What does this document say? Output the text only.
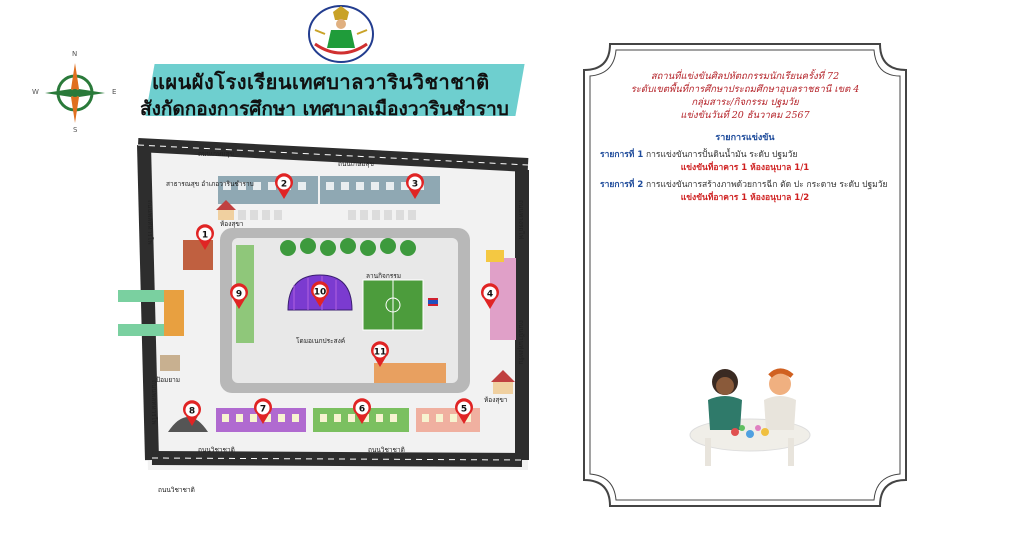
N
S
W	E แผนผังโรงเรียนเทศบาลวารินวิชาชาติ
สังกัดกองการศึกษา เทศบาลเมืองวารินชำราบ
โดมอเนกประสงค์
ลานกิจกรรม
ถนนเกษมสุข
ถนนเกษมสุข
ถนนวิชาชาติ
ถนนวิชาชาติ	ถนนวิชาชาติ
ถนนพลทหารโพ
ถนนพลทหารโพ
ถนนทางรถไฟ
ถนนบ้านทุ่งทรับ
สาธารณสุข อำเภอวารินชำราบ
ห้องสุขา
ห้องสุขา
ป้อมยาม
1
2	3
4
5
6
7
8
9	10
11
สถานที่แข่งขันศิลปหัตถกรรมนักเรียนครั้งที่ 72
ระดับเขตพื้นที่การศึกษาประถมศึกษาอุบลราชธานี เขต 4
กลุ่มสาระ/กิจกรรม ปฐมวัย
แข่งขันวันที่ 20 ธันวาคม 2567
รายการแข่งขัน
รายการที่ 1 การแข่งขันการปั้นดินน้ำมัน ระดับ ปฐมวัย
แข่งขันที่อาคาร 1 ห้องอนุบาล 1/1
รายการที่ 2 การแข่งขันการสร้างภาพด้วยการฉีก ตัด ปะ กระดาษ ระดับ ปฐมวัย
แข่งขันที่อาคาร 1 ห้องอนุบาล 1/2
